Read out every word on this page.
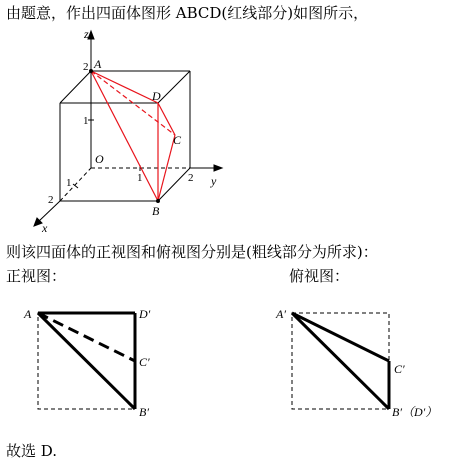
由题意，作出四面体图形 ABCD(红线部分)如图所示，
z
y
x
O
A
B
C
D
2
1
1	2
1
2
A	D′
C′
B′
A′
C′
B′（D′）
则该四面体的正视图和俯视图分别是(粗线部分为所求)：
正视图：	俯视图：
故选 D.
